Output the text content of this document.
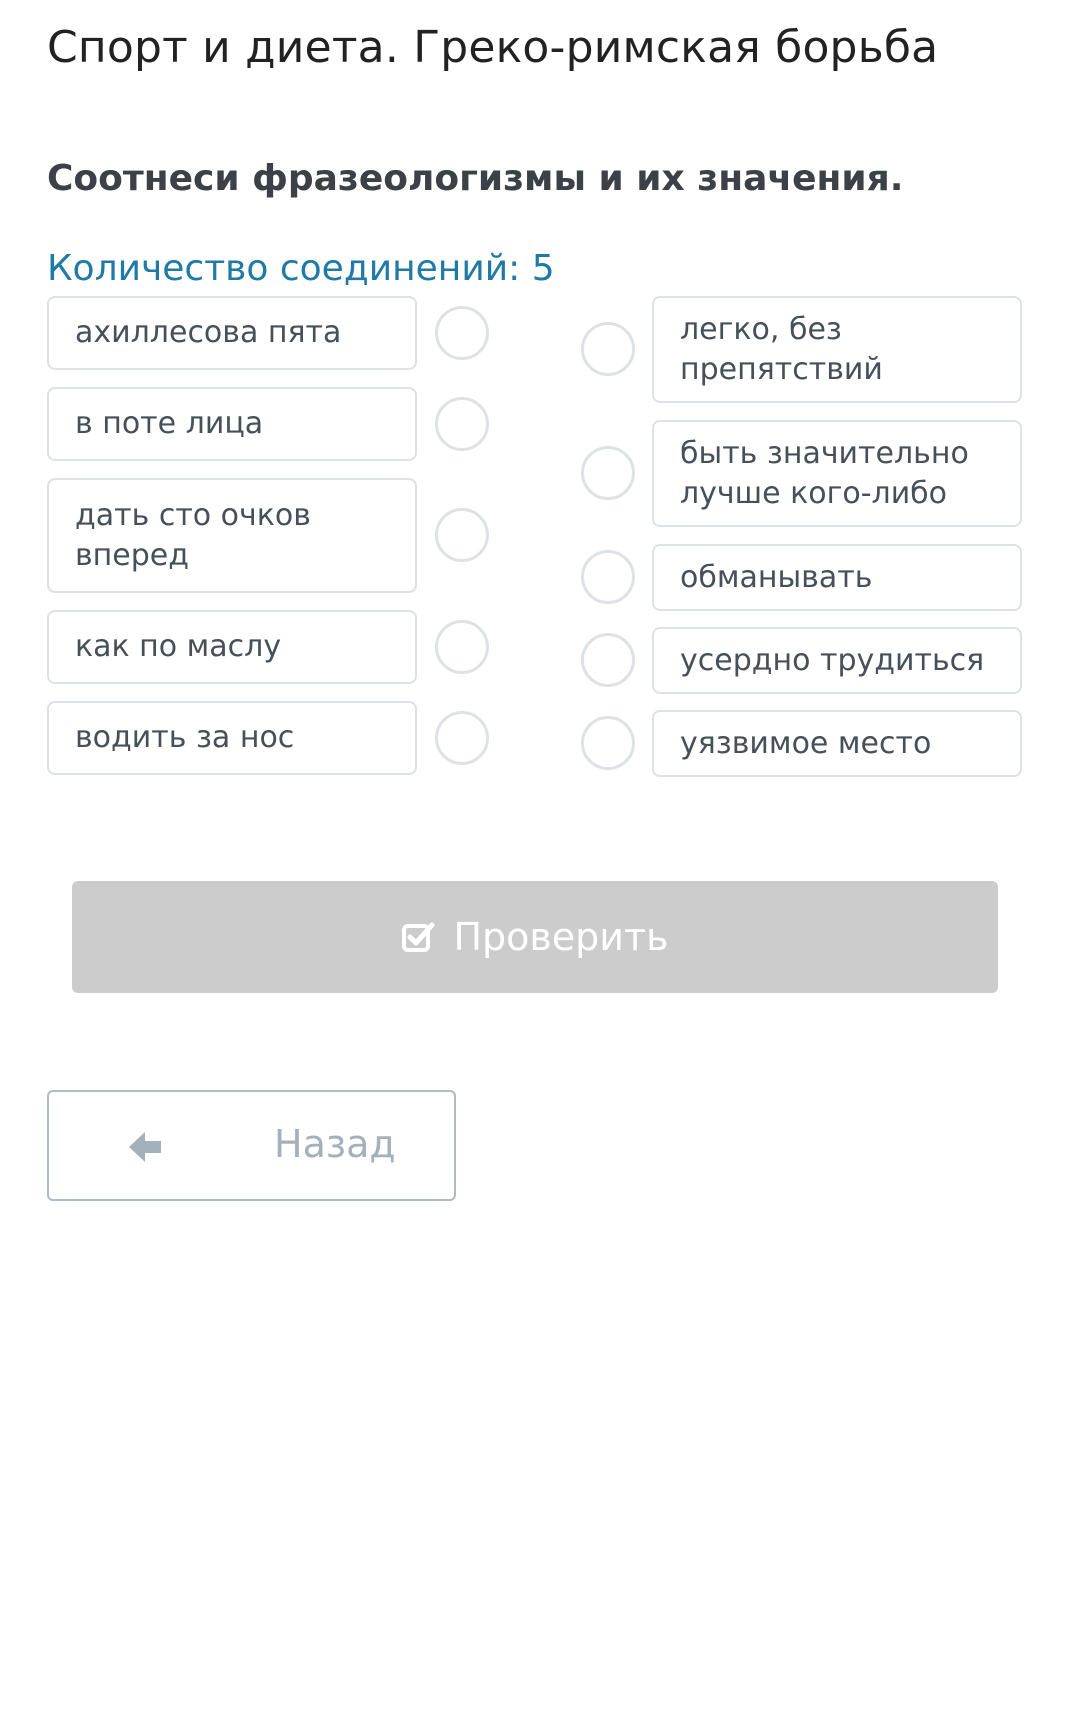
Спорт и диета. Греко-римская борьба
Соотнеси фразеологизмы и их значения.
Количество соединений: 5
ахиллесова пята
в поте лица
дать сто очков вперед
как по маслу
водить за нос
легко, без препятствий
быть значительно лучше кого-либо
обманывать
усердно трудиться
уязвимое место
Проверить
Назад
